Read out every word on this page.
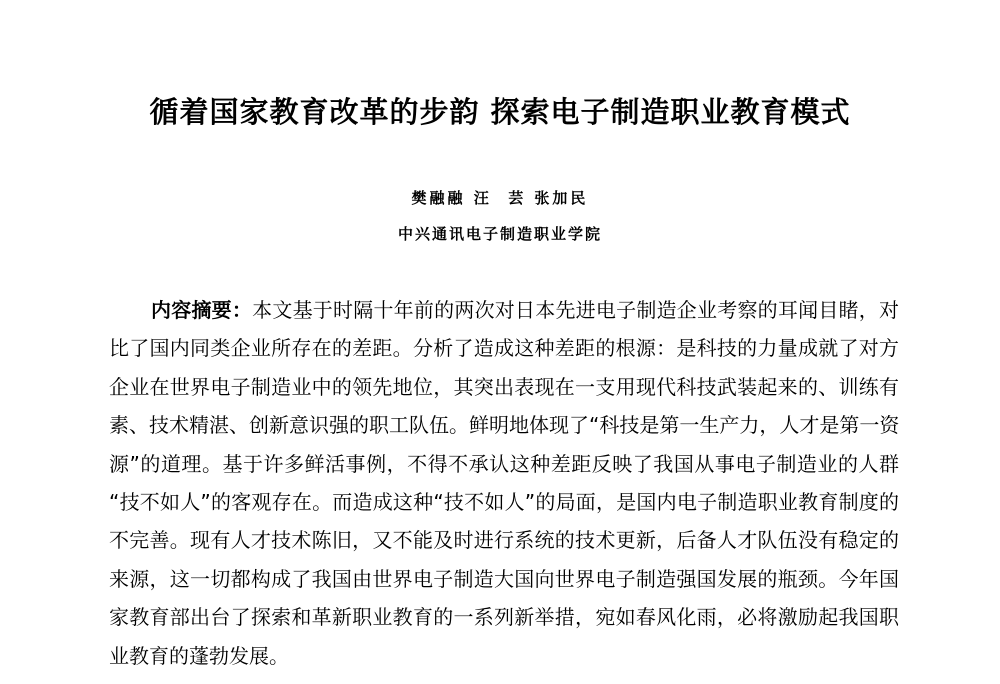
循着国家教育改革的步韵 探索电子制造职业教育模式
樊融融 汪  芸 张加民
中兴通讯电子制造职业学院
内容摘要：本文基于时隔十年前的两次对日本先进电子制造企业考察的耳闻目睹，对
比了国内同类企业所存在的差距。分析了造成这种差距的根源：是科技的力量成就了对方
企业在世界电子制造业中的领先地位，其突出表现在一支用现代科技武装起来的、训练有
素、技术精湛、创新意识强的职工队伍。鲜明地体现了“科技是第一生产力，人才是第一资
源”的道理。基于许多鲜活事例，不得不承认这种差距反映了我国从事电子制造业的人群
“技不如人”的客观存在。而造成这种“技不如人”的局面，是国内电子制造职业教育制度的
不完善。现有人才技术陈旧，又不能及时进行系统的技术更新，后备人才队伍没有稳定的
来源，这一切都构成了我国由世界电子制造大国向世界电子制造强国发展的瓶颈。今年国
家教育部出台了探索和革新职业教育的一系列新举措，宛如春风化雨，必将激励起我国职
业教育的蓬勃发展。
